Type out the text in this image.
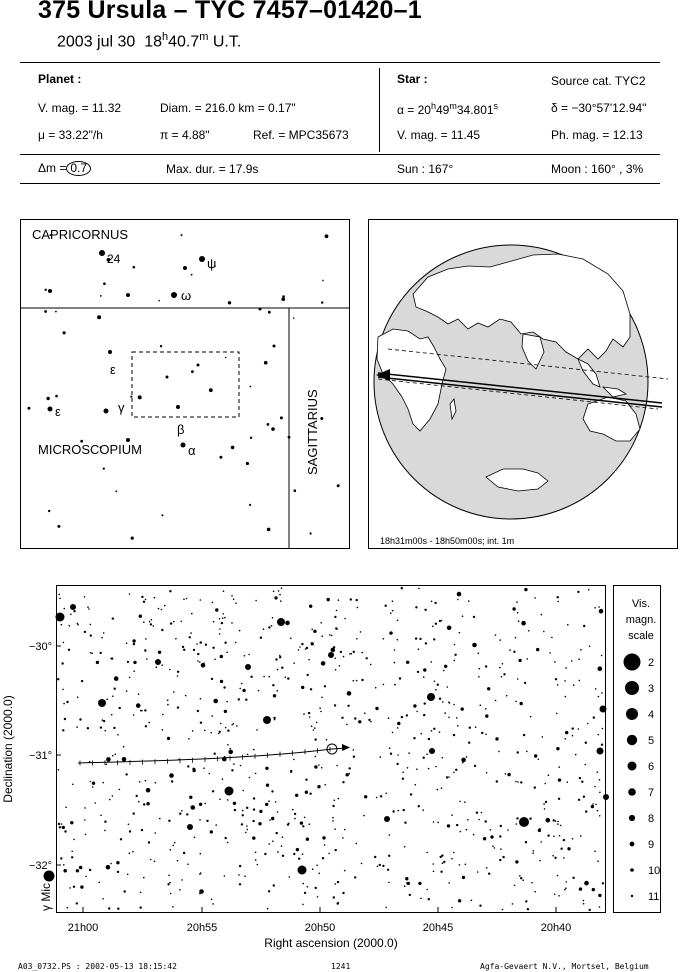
375 Ursula – TYC 7457–01420–1
2003 jul 30 18$^h$40.7$^m$ U.T.
Planet :
V. mag. = 11.32	Diam. = 216.0 km = 0.17"
μ = 33.22"/h	π = 4.88"	Ref. = MPC35673
Star :	Source cat. TYC2
$\alpha = 20^h49^m34.801^s$	δ = −30°57'12.94"
V. mag. = 11.45	Ph. mag. = 12.13
Δm = 0.7	Max. dur. = 17.9s	Sun : 167°	Moon : 160° , 3%
CAPRICORNUS
MICROSCOPIUM	SAGITTARIUS
24	ψ
ω
ε
ε	γ
β
α
18h31m00s - 18h50m00s; int. 1m
21h00	20h55	20h50	20h45	20h40
−30°
−31°
−32°
Right ascension (2000.0)
Declination (2000.0)
γ Mic
Vis.
magn.
scale
2
3
4
5
6
7
8
9
10
11
A03_0732.PS : 2002-05-13 18:15:42	1241	Agfa-Gevaert N.V., Mortsel, Belgium
